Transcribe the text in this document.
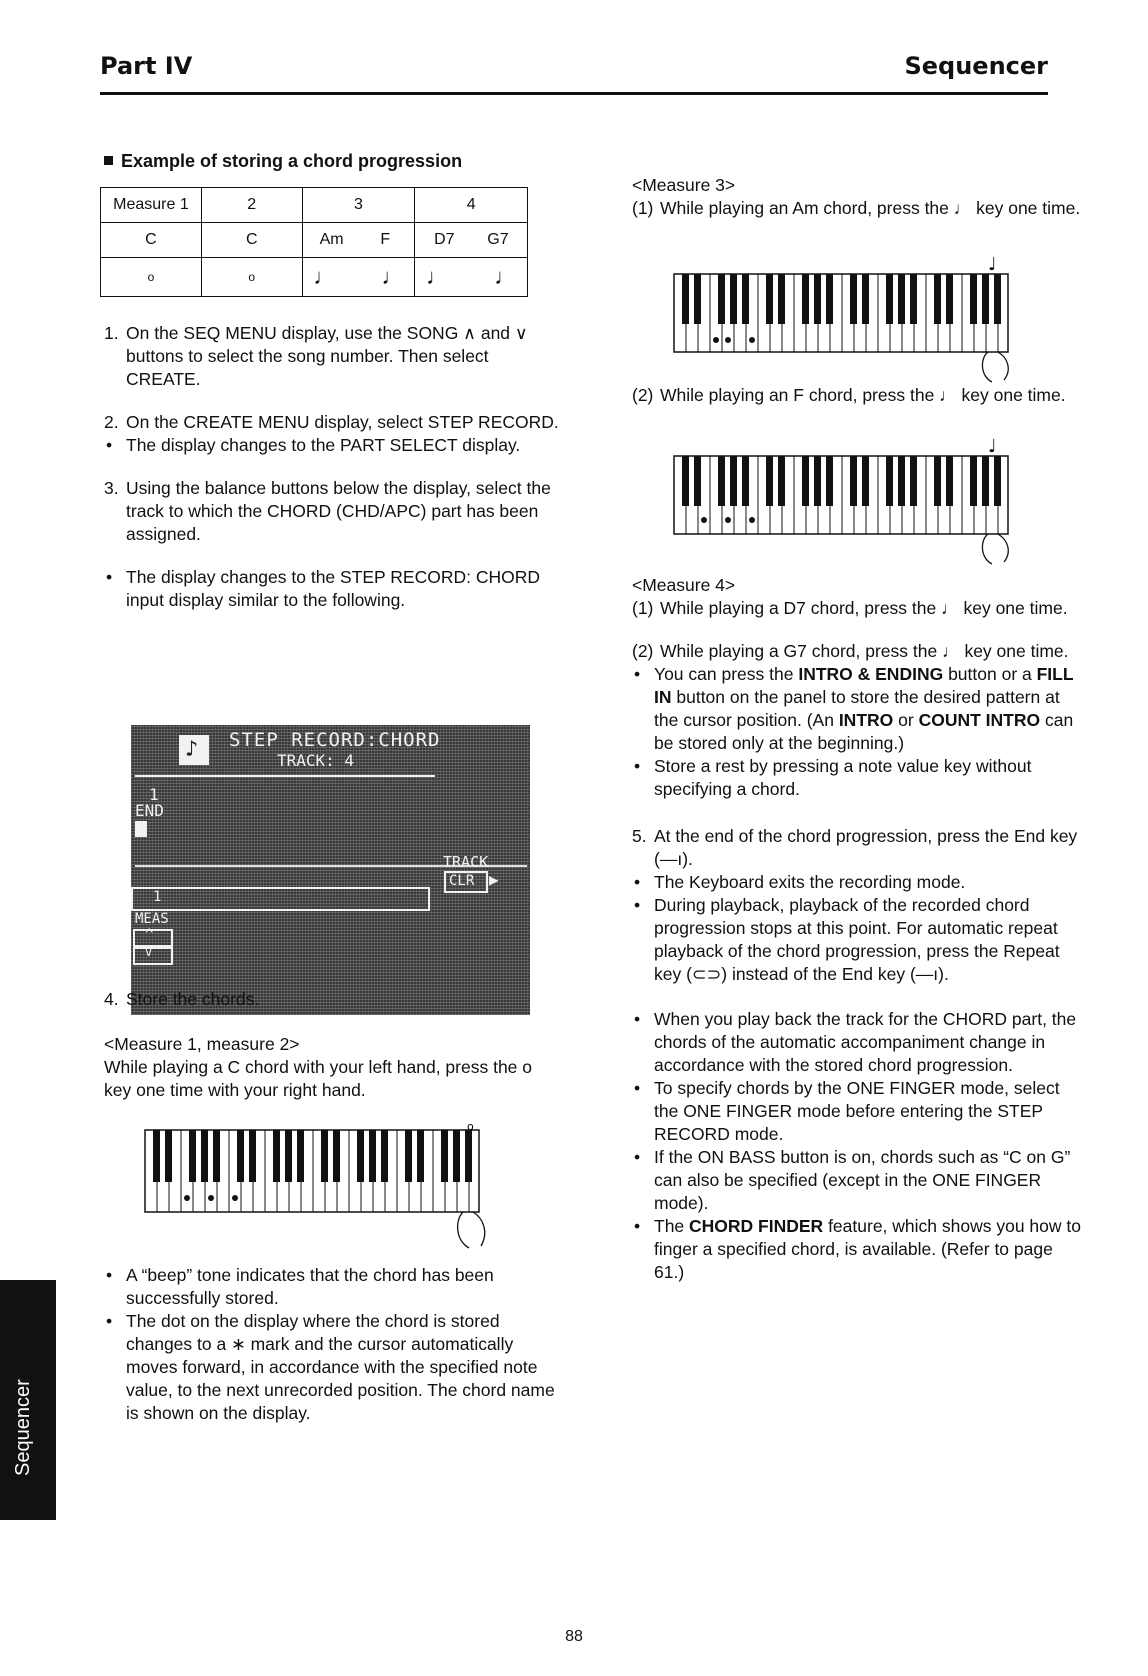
Part IV	Sequencer
Example of storing a chord progression
Measure 1	2	3	4
C	C	Am F	D7 G7
o	o	♩ ♩	♩ ♩

1. On the SEQ MENU display, use the SONG ∧ and ∨ buttons to select the song number. Then select CREATE.

2. On the CREATE MENU display, select STEP RECORD.

• The display changes to the PART SELECT display.

3. Using the balance buttons below the display, select the track to which the CHORD (CHD/APC) part has been assigned.

• The display changes to the STEP RECORD: CHORD input display similar to the following.

♪ STEP RECORD:CHORD
TRACK: 4
1
END
TRACK
CLR ▶
1
MEAS
^
v

4. Store the chords.

<Measure 1, measure 2>

While playing a C chord with your left hand, press the o key one time with your right hand.

o

• A “beep” tone indicates that the chord has been successfully stored.

• The dot on the display where the chord is stored changes to a ∗ mark and the cursor automatically moves forward, in accordance with the specified note value, to the next unrecorded position. The chord name is shown on the display.

<Measure 3>

(1) While playing an Am chord, press the ♩ key one time.

♩

(2) While playing an F chord, press the ♩ key one time.

♩

<Measure 4>

(1) While playing a D7 chord, press the ♩ key one time.

(2) While playing a G7 chord, press the ♩ key one time.

• You can press the INTRO & ENDING button or a FILL IN button on the panel to store the desired pattern at the cursor position. (An INTRO or COUNT INTRO can be stored only at the beginning.)

• Store a rest by pressing a note value key without specifying a chord.

5. At the end of the chord progression, press the End key (—ı).

• The Keyboard exits the recording mode.

• During playback, playback of the recorded chord progression stops at this point. For automatic repeat playback of the chord progression, press the Repeat key (⊂⊃) instead of the End key (—ı).

• When you play back the track for the CHORD part, the chords of the automatic accompaniment change in accordance with the stored chord progression.

• To specify chords by the ONE FINGER mode, select the ONE FINGER mode before entering the STEP RECORD mode.

• If the ON BASS button is on, chords such as “C on G” can also be specified (except in the ONE FINGER mode).

• The CHORD FINDER feature, which shows you how to finger a specified chord, is available. (Refer to page 61.)

Sequencer
88
